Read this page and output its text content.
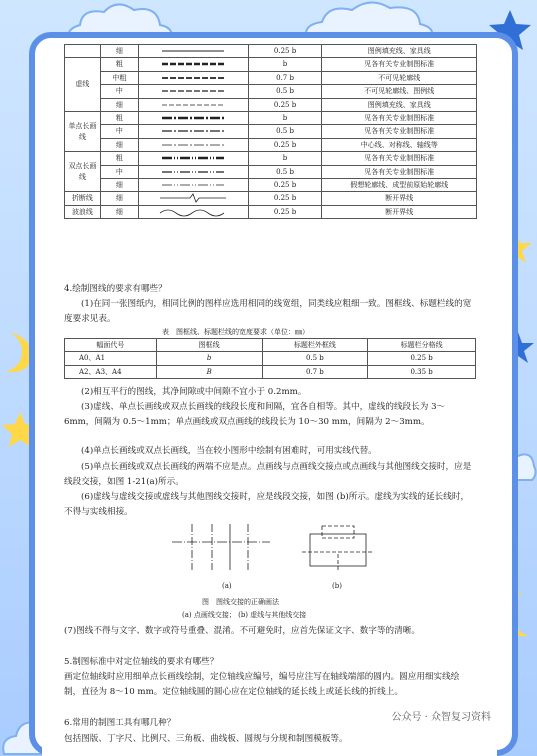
	细		0.25 b	图例填充线、家具线
虚线	粗		b	见各有关专业制图标准
	中粗		0.7 b	不可见轮廓线
	中		0.5 b	不可见轮廓线、图例线
	细		0.25 b	图例填充线、家具线
单点长画线	粗		b	见各有关专业制图标准
	中		0.5 b	见各有关专业制图标准
	细		0.25 b	中心线、对称线、轴线等
双点长画线	粗		b	见各有关专业制图标准
	中		0.5 b	见各有关专业制图标准
	细		0.25 b	假想轮廓线、成型前原始轮廓线
折断线	细		0.25 b	断开界线
波浪线	细		0.25 b	断开界线
4.绘制图线的要求有哪些？
(1)在同一张图纸内，相同比例的图样应选用相同的线宽组，同类线应粗细一致。图框线、标题栏线的宽度要求见表。
表　图框线、标题栏线的宽度要求（单位：㎜）
幅面代号	图框线	标题栏外框线	标题栏分格线
A0、A1	b	0.5 b	0.25 b
A2、A3、A4	B	0.7 b	0.35 b
(2)相互平行的图线，其净间隙或中间隙不宜小于 0.2mm。
(3)虚线、单点长画线或双点长画线的线段长度和间隔，宜各自相等。其中，虚线的线段长为 3～6mm，间隔为 0.5～1mm；单点画线或双点画线的线段长为 10～30 mm，间隔为 2～3mm。
(4)单点长画线或双点长画线，当在较小图形中绘制有困难时，可用实线代替。
(5)单点长画线或双点长画线的两端不应是点。点画线与点画线交接点或点画线与其他图线交接时，应是线段交接，如图 1-21(a)所示。
(6)虚线与虚线交接或虚线与其他图线交接时，应是线段交接，如图 (b)所示。虚线为实线的延长线时，不得与实线相接。
(a)	(b)
图　图线交接的正确画法
(a) 点画线交接； (b) 虚线与其他线交接
(7)图线不得与文字、数字或符号重叠、混淆。不可避免时，应首先保证文字、数字等的清晰。
5.制图标准中对定位轴线的要求有哪些？
画定位轴线时应用细单点长画线绘制，定位轴线应编号，编号应注写在轴线端部的圆内。圆应用细实线绘制，直径为 8～10 mm。定位轴线圆的圆心应在定位轴线的延长线上或延长线的折线上。
6.常用的制图工具有哪几种？
包括图版、丁字尺、比例尺、三角板、曲线板、圆规与分规和制图模板等。
公众号 · 众智复习资料
